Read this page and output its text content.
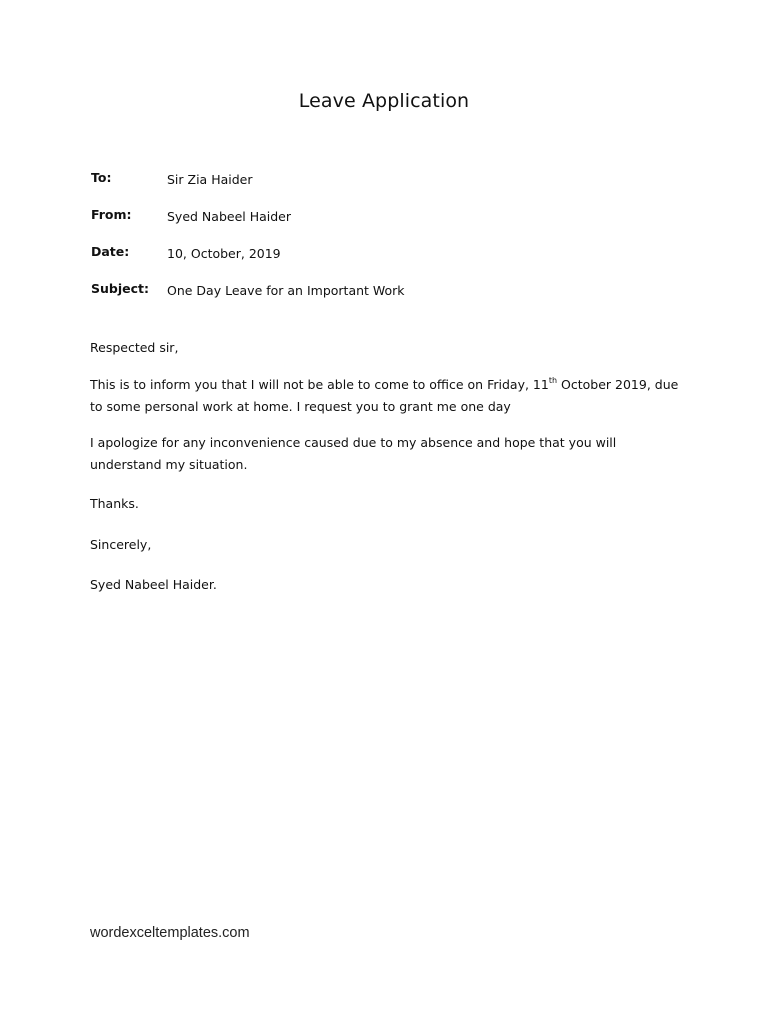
Leave Application
To:	Sir Zia Haider
From:	Syed Nabeel Haider
Date:	10, October, 2019
Subject: One Day Leave for an Important Work
Respected sir,
This is to inform you that I will not be able to come to office on Friday, 11th October 2019, due to some personal work at home. I request you to grant me one day
I apologize for any inconvenience caused due to my absence and hope that you will understand my situation.
Thanks.
Sincerely,
Syed Nabeel Haider.
wordexceltemplates.com
